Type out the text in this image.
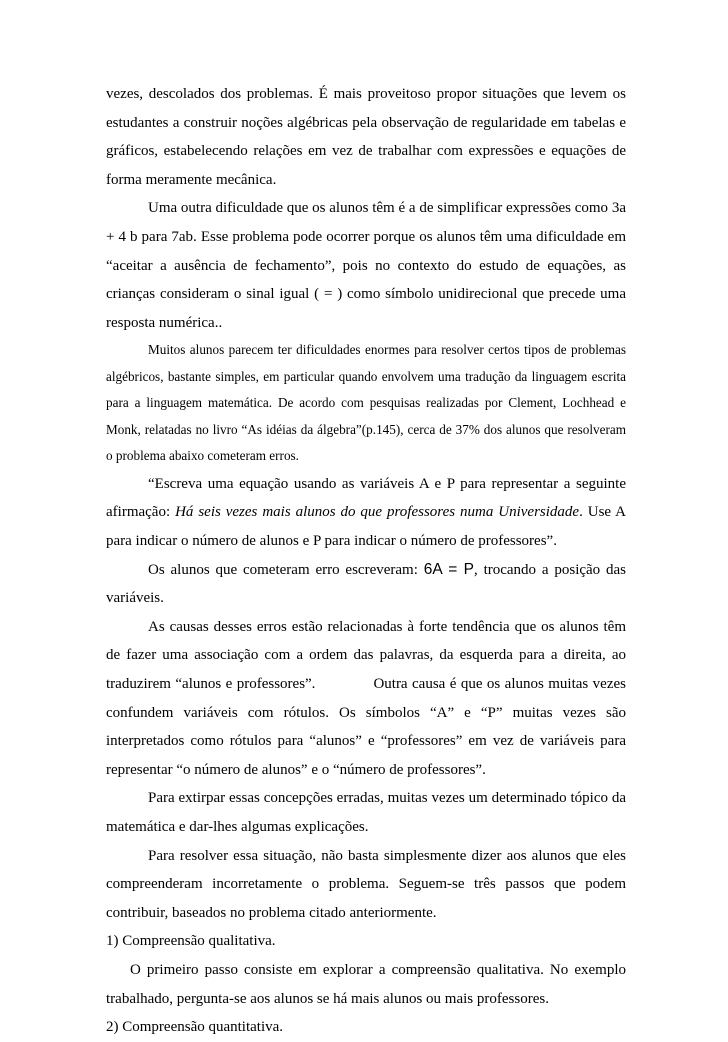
vezes, descolados dos problemas. É mais proveitoso propor situações que levem os estudantes a construir noções algébricas pela observação de regularidade em tabelas e gráficos, estabelecendo relações em vez de trabalhar com expressões e equações de forma meramente mecânica.

Uma outra dificuldade que os alunos têm é a de simplificar expressões como 3a + 4 b para 7ab. Esse problema pode ocorrer porque os alunos têm uma dificuldade em “aceitar a ausência de fechamento”, pois no contexto do estudo de equações, as crianças consideram o sinal igual ( = ) como símbolo unidirecional que precede uma resposta numérica..

Muitos alunos parecem ter dificuldades enormes para resolver certos tipos de problemas algébricos, bastante simples, em particular quando envolvem uma tradução da linguagem escrita para a linguagem matemática. De acordo com pesquisas realizadas por Clement, Lochhead e Monk, relatadas no livro “As idéias da álgebra”(p.145), cerca de 37% dos alunos que resolveram o problema abaixo cometeram erros.

“Escreva uma equação usando as variáveis A e P para representar a seguinte afirmação: Há seis vezes mais alunos do que professores numa Universidade. Use A para indicar o número de alunos e P para indicar o número de professores”.

Os alunos que cometeram erro escreveram: 6A = P, trocando a posição das variáveis.

As causas desses erros estão relacionadas à forte tendência que os alunos têm de fazer uma associação com a ordem das palavras, da esquerda para a direita, ao traduzirem “alunos e professores”.	Outra causa é que os alunos muitas vezes confundem variáveis com rótulos. Os símbolos “A” e “P” muitas vezes são interpretados como rótulos para “alunos” e “professores” em vez de variáveis para representar “o número de alunos” e o “número de professores”.

Para extirpar essas concepções erradas, muitas vezes um determinado tópico da matemática e dar-lhes algumas explicações.

Para resolver essa situação, não basta simplesmente dizer aos alunos que eles compreenderam incorretamente o problema. Seguem-se três passos que podem contribuir, baseados no problema citado anteriormente.

1) Compreensão qualitativa.

O primeiro passo consiste em explorar a compreensão qualitativa. No exemplo trabalhado, pergunta-se aos alunos se há mais alunos ou mais professores.

2) Compreensão quantitativa.
